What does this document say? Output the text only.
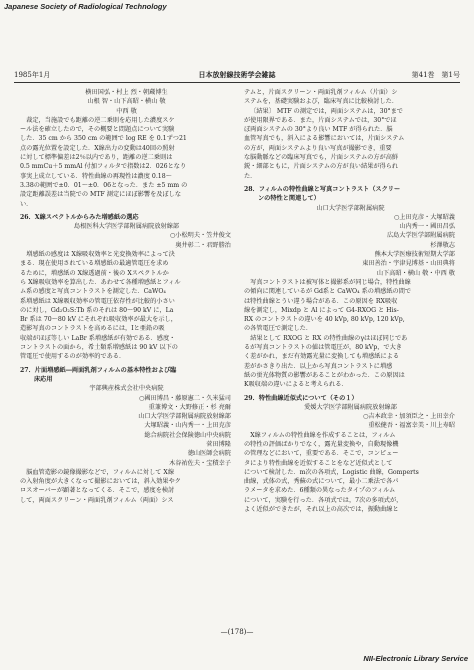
Japanese Society of Radiological Technology
1985年1月	日本放射線技術学会雑誌	第41巻　第1号

横田国弘・村上 烈・朝蔵博生

山根 智・山下高昭・横山 敬

中西 敬

裁定，当施設でも距離の逆二乗則を応用した濃度スケ

ール法を確立したので，その概要と問題点について実験

した．35 cm から 350 cm の範囲で log RE を 0.1ずつ21

点の露光位置を設定した．X線出力の変動は40回の照射

に対して標準偏差は2％以内であり，距離の逆二乗則は

0.5 mmCu＋5 mmAl 付加フィルタで指数は2．026となり

事実上成立している．特性曲線の再現性は濃度 0.18～

3.38の範囲で±0．01～±0．06となった．また ±5 mm の

設定距離誤差は当院での MTF 測定にほぼ影響を及ぼしな

い．

26．X線スペクトルからみた増感紙の選応

島根医科大学医学部附属病院放射線部

○小松明夫・笠井俊文

奥井彰二・君野勝治

増感紙の感度は X線吸収効率と光変換効率によって決

まる．現在使用されている増感紙の最適管電圧を求め

るために，増感紙の X線透過前・後の Xスペクトルか

ら X線吸収効率を算出した．あわせて各種増感紙とフィル

ム系の感度と写真コントラストを測定した．CaWO₄

系増感紙は X線吸収効率の管電圧依存性が比較的小さい

のに対し，Gd₂O₂S:Tb 系のそれは 80～90 kV に，La

Br 系は 70～80 kV にそれぞれ吸収効率が最大を示し，

造影写真のコントラストを高めるには，Iと亜鉛の吸

収端がほぼ等しい LaBr 系増感紙が有効である．感度・

コントラストの面から，希土類系増感紙は 90 kV 以下の

管電圧で使用するのが効率的である．

27．片面増感紙―両面乳剤フィルムの基本特性および臨

床応用

宇部興産株式会社中央病院

○國田博昌・藤原憲二・久米猛司

重兼博文・大野修正・杉 亮爾

山口大学医学部附属病院放射線部

大塚昭義・山内秀一・上田克彦

総合病院社会保険徳山中央病院

菅田博隆

徳山医師会病院

木谷祐佐夫・宝積幸子

脳血管造影の鏡像撮影などで，フィルムに対して X線

の入射角度が大きくなって撮影においては，斜入効果やク

ロスオーバーが顕著となってくる．そこで，感度を検討

して，両面スクリーン・両面乳剤フィルム（両面）シス

テムと，片面スクリーン・両面乳剤フィルム（片面）シ

ステムを，基礎実験および，臨床写真に比較検討した．

〔結果〕 MTF の測定では，両面システムは，30°まで

が使用限界である．また，片面システムでは，30°でほ

ぼ両面システムの 30°より良い MTF が得られた．脳

血管写真でも，斜入による影響においては，片面システム

の方が，両面システムより良い写真が撮影でき，重要

な脳動脈などの臨床写真でも，片面システムの方が高鮮

鋭・細部ともに，片面システムの方が良い結果が得られ

た．

28．フィルムの特性曲線と写真コントラスト（スクリー

ンの特性と関連して）

山口大学医学部附属病院

○上田克彦・大塚昭義

山内秀一・國田昌弘

広島大学医学部附属病院

杉澤敬志

熊本大学医療技術短期大学部

東田善治・宇津見博基・山田典将

山下高昭・横山 敬・中西 敬

写真コントラストは被写体と撮影系が同じ場合，特性曲線

の傾向に関連しているが Gd系と CaWO₄ 系の増感紙の間で

は特性曲線とうい違う場合がある．この原因を RX吸収

線を測定し，Mixdp と Al によって G4-RXOG と His-

RX のコントラストの違いを 40 kVp, 80 kVp, 120 kVp,

の各管電圧で測定した．

結果として RXOG と RX の特性曲線のγはほぼ同じであ

るが写真コントラストの値は管電圧が，80 kVp，で大き

く差がかれ，まだ有効露光量に変換しても増感紙による

差がかさきり出た．以上から写真コントラストに増感

紙の蛍光体物質の影響があることがわかった．この原因は

K吸収端の違いによると考えられる．

29．特性曲線近似式について（その１）

愛媛大学医学部附属病院放射線部

○吉本政幸・加須臣之・上田幸介

重松健吾・福富幸美・川上寿昭

X線フィルムの特性曲線を作成することは，フィルム

の特性の評価ばかりでなく，露光量変換や，自動現像機

の管理などにおいて，重要である．そこで，コンピュー

タにより特性曲線を近似することをなど近似式として

について検討した．m次の各項式，Logistic 曲線，Gomperts

曲線，式体の式，秀蘇の式について，最小二乗法で各パ

ラメータを求めた．6種類の異なったタイプのフィルム

について，実験を行った．各項式では，7次の多項式が，

よく近似ができたが，それ以上の高次では，振動曲線と

—(178)—
NII-Electronic Library Service
